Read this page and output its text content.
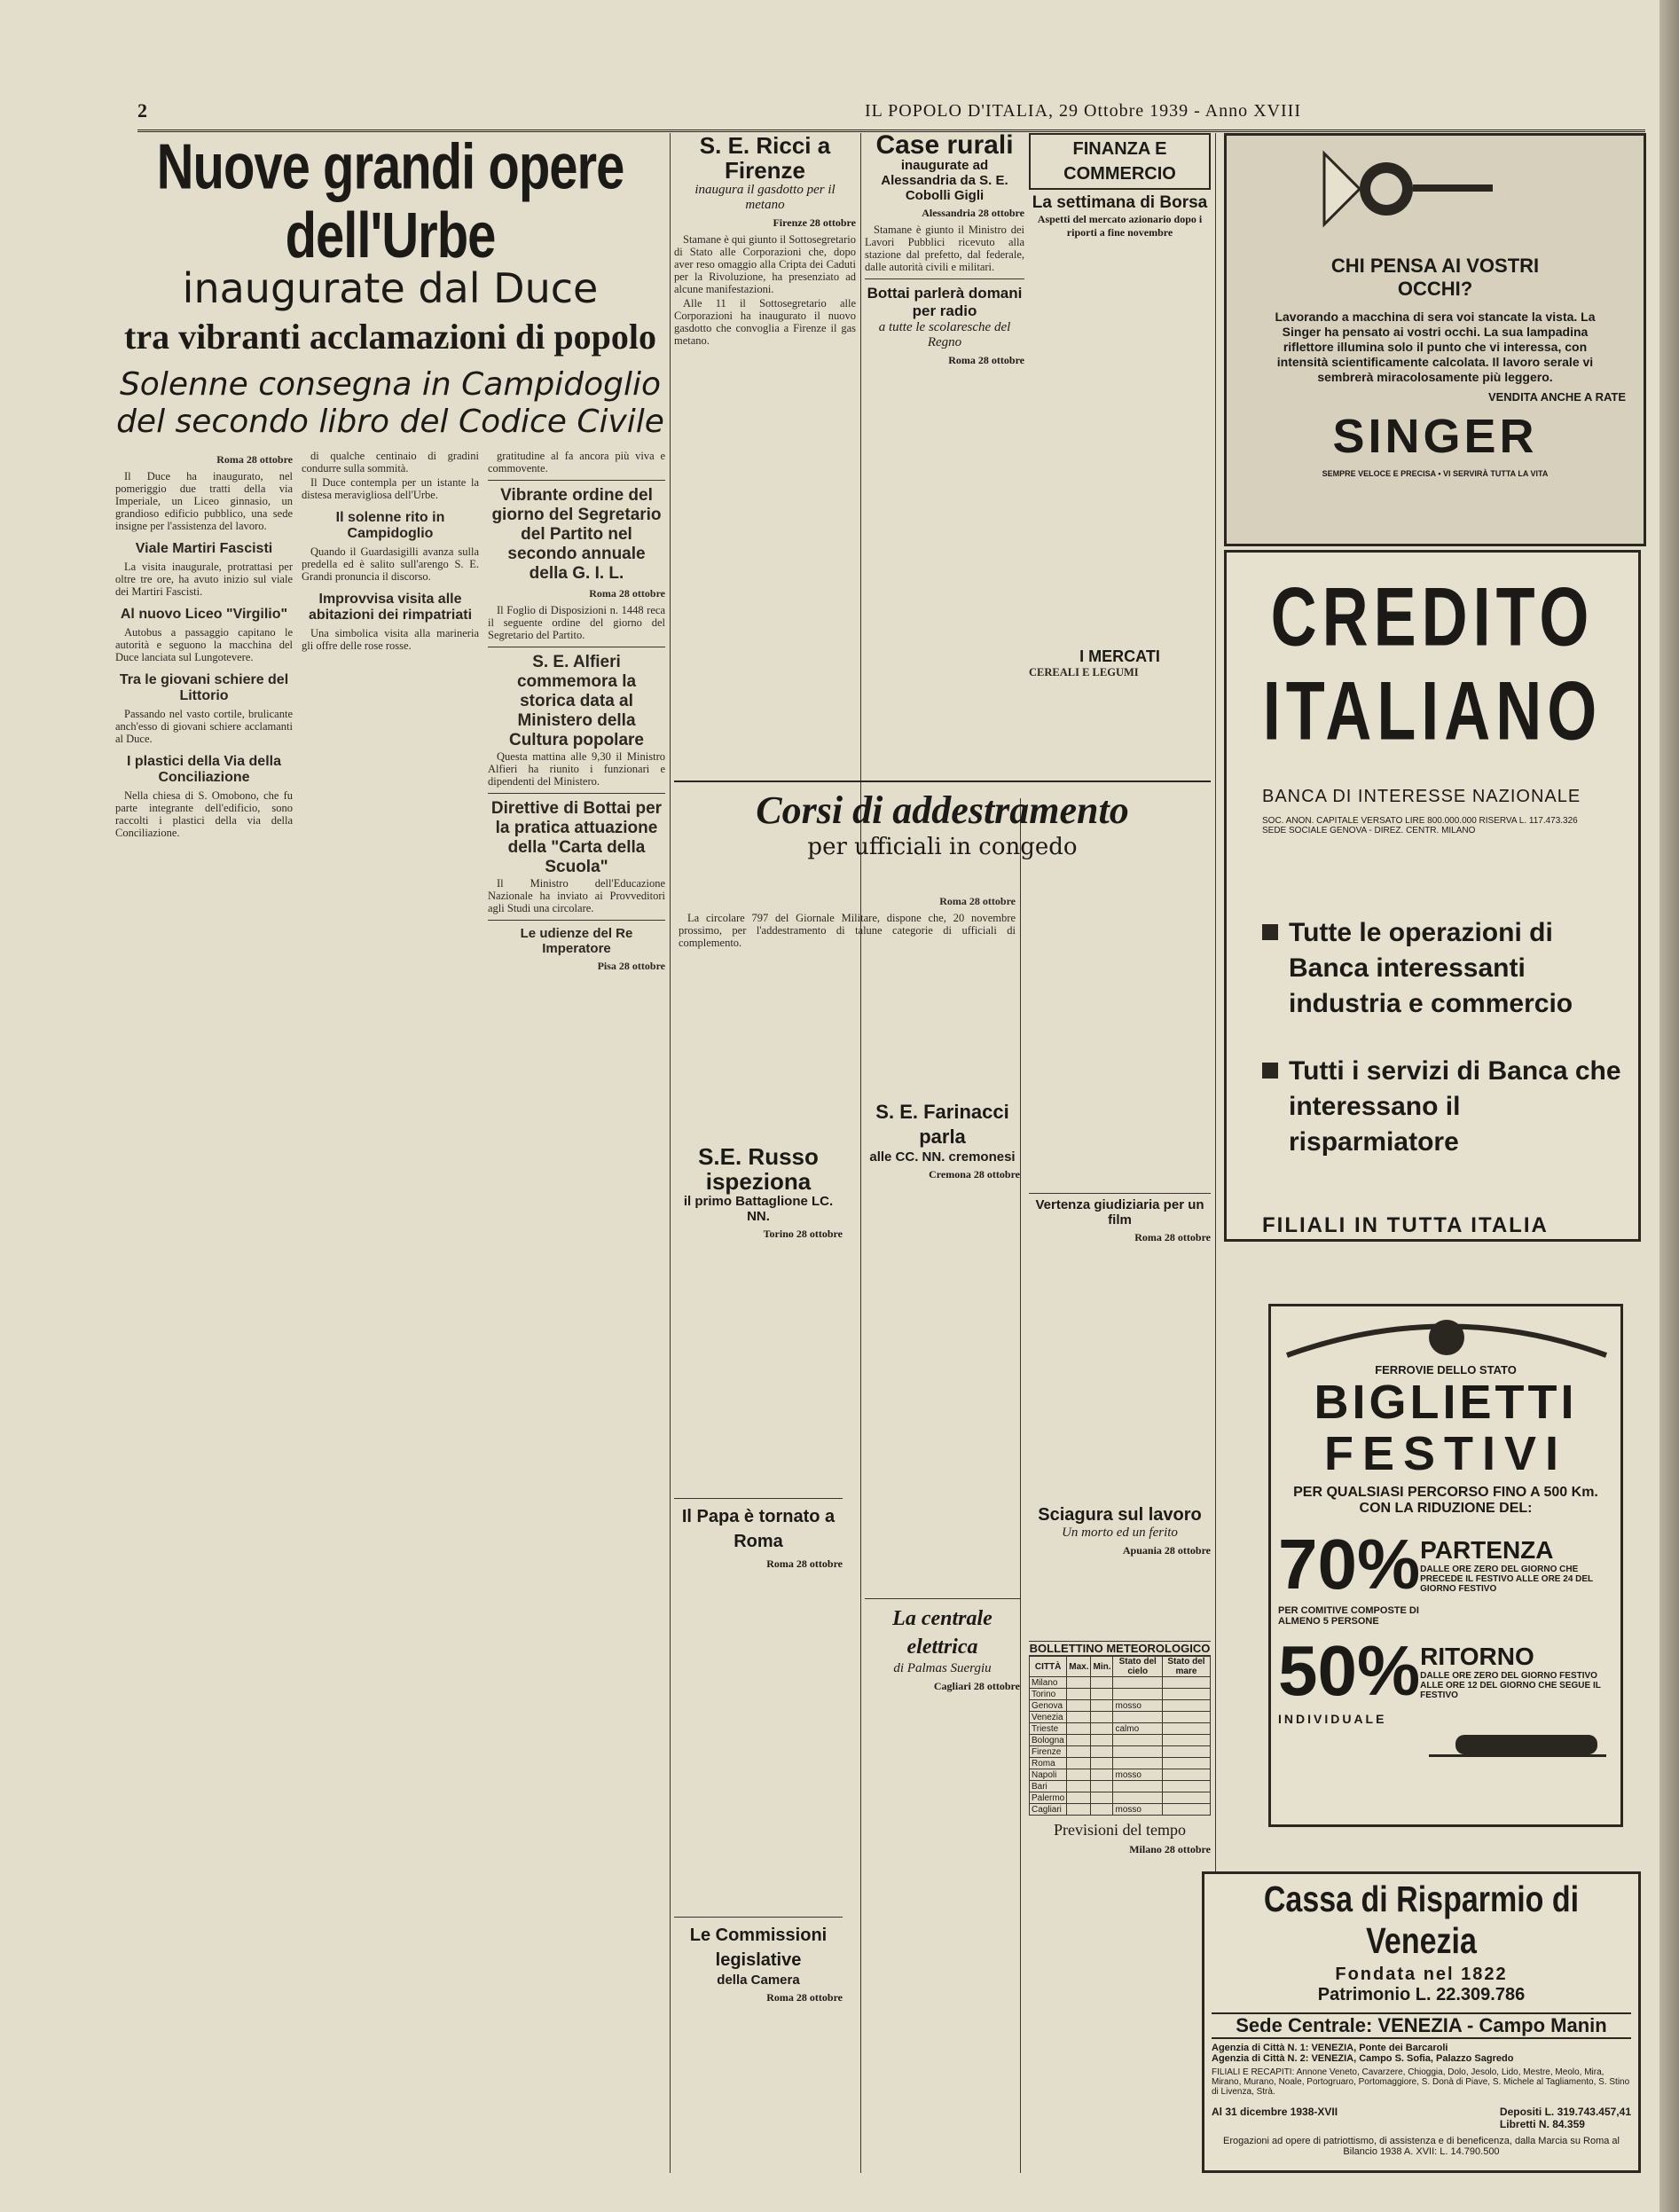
2	IL POPOLO D'ITALIA, 29 Ottobre 1939 - Anno XVIII
Nuove grandi opere dell'Urbe
inaugurate dal Duce
tra vibranti acclamazioni di popolo
Solenne consegna in Campidoglio del secondo libro del Codice Civile
Roma 28 ottobre

Il Duce ha inaugurato, nel pomeriggio due tratti della via Imperiale, un Liceo ginnasio, un grandioso edificio pubblico, una sede insigne per l'assistenza del lavoro.

Viale Martiri Fascisti

La visita inaugurale, protrattasi per oltre tre ore, ha avuto inizio sul viale dei Martiri Fascisti.

Al nuovo Liceo "Virgilio"

Autobus a passaggio capitano le autorità e seguono la macchina del Duce lanciata sul Lungotevere.

Tra le giovani schiere del Littorio

Passando nel vasto cortile, brulicante anch'esso di giovani schiere acclamanti al Duce.

I plastici della Via della Conciliazione

Nella chiesa di S. Omobono, che fu parte integrante dell'edificio, sono raccolti i plastici della via della Conciliazione.

di qualche centinaio di gradini condurre sulla sommità.

Il Duce contempla per un istante la distesa meravigliosa dell'Urbe.

Il solenne rito in Campidoglio

Quando il Guardasigilli avanza sulla predella ed è salito sull'arengo S. E. Grandi pronuncia il discorso.

Improvvisa visita alle abitazioni dei rimpatriati

Una simbolica visita alla marineria gli offre delle rose rosse.

gratitudine al fa ancora più viva e commovente.

Vibrante ordine del giorno del Segretario del Partito nel secondo annuale della G. I. L.
Roma 28 ottobre

Il Foglio di Disposizioni n. 1448 reca il seguente ordine del giorno del Segretario del Partito.

S. E. Alfieri commemora la storica data al Ministero della Cultura popolare

Questa mattina alle 9,30 il Ministro Alfieri ha riunito i funzionari e dipendenti del Ministero.

Direttive di Bottai per la pratica attuazione della "Carta della Scuola"

Il Ministro dell'Educazione Nazionale ha inviato ai Provveditori agli Studi una circolare.

Le udienze del Re Imperatore
Pisa 28 ottobre
S. E. Ricci a Firenze
inaugura il gasdotto per il metano
Firenze 28 ottobre

Stamane è qui giunto il Sottosegretario di Stato alle Corporazioni che, dopo aver reso omaggio alla Cripta dei Caduti per la Rivoluzione, ha presenziato ad alcune manifestazioni.

Alle 11 il Sottosegretario alle Corporazioni ha inaugurato il nuovo gasdotto che convoglia a Firenze il gas metano.

Case rurali
inaugurate ad Alessandria da S. E. Cobolli Gigli
Alessandria 28 ottobre

Stamane è giunto il Ministro dei Lavori Pubblici ricevuto alla stazione dal prefetto, dal federale, dalle autorità civili e militari.

Bottai parlerà domani per radio
a tutte le scolaresche del Regno
Roma 28 ottobre
Corsi di addestramento
per ufficiali in congedo
Roma 28 ottobre

La circolare 797 del Giornale Militare, dispone che, 20 novembre prossimo, per l'addestramento di talune categorie di ufficiali di complemento.

S.E. Russo ispeziona
il primo Battaglione LC. NN.
Torino 28 ottobre
Il Papa è tornato a Roma
Roma 28 ottobre
Le Commissioni legislative
della Camera
Roma 28 ottobre
S. E. Farinacci parla
alle CC. NN. cremonesi
Cremona 28 ottobre
La centrale elettrica
di Palmas Suergiu
Cagliari 28 ottobre
FINANZA E COMMERCIO
La settimana di Borsa
Aspetti del mercato azionario dopo i riporti a fine novembre
I MERCATI
CEREALI E LEGUMI
Vertenza giudiziaria per un film
Roma 28 ottobre
Sciagura sul lavoro
Un morto ed un ferito
Apuania 28 ottobre
BOLLETTINO METEOROLOGICO
CITTÀ	Max.	Min.	Stato del cielo	Stato del mare
Milano				
Torino				
Genova			mosso	
Venezia				
Trieste			calmo	
Bologna				
Firenze				
Roma				
Napoli			mosso	
Bari				
Palermo				
Cagliari			mosso	
Previsioni del tempo
Milano 28 ottobre
CHI PENSA AI VOSTRI OCCHI?
Lavorando a macchina di sera voi stancate la vista. La Singer ha pensato ai vostri occhi. La sua lampadina riflettore illumina solo il punto che vi interessa, con intensità scientificamente calcolata. Il lavoro serale vi sembrerà miracolosamente più leggero.
VENDITA ANCHE A RATE
SINGER
SEMPRE VELOCE E PRECISA • VI SERVIRÀ TUTTA LA VITA
CREDITO
ITALIANO
BANCA DI INTERESSE NAZIONALE
SOC. ANON. CAPITALE VERSATO LIRE 800.000.000 RISERVA L. 117.473.326
SEDE SOCIALE GENOVA - DIREZ. CENTR. MILANO
Tutte le operazioni di Banca interessanti industria e commercio
Tutti i servizi di Banca che interessano il risparmiatore
FILIALI IN TUTTA ITALIA
FERROVIE DELLO STATO
BIGLIETTI
FESTIVI
PER QUALSIASI PERCORSO FINO A 500 Km. CON LA RIDUZIONE DEL:
70% PARTENZA
DALLE ORE ZERO DEL GIORNO CHE PRECEDE IL FESTIVO ALLE ORE 24 DEL GIORNO FESTIVO
PER COMITIVE COMPOSTE DI ALMENO 5 PERSONE
50% RITORNO
DALLE ORE ZERO DEL GIORNO FESTIVO ALLE ORE 12 DEL GIORNO CHE SEGUE IL FESTIVO
INDIVIDUALE
Cassa di Risparmio di Venezia
Fondata nel 1822
Patrimonio L. 22.309.786
Sede Centrale: VENEZIA - Campo Manin
Agenzia di Città N. 1: VENEZIA, Ponte dei Barcaroli
Agenzia di Città N. 2: VENEZIA, Campo S. Sofia, Palazzo Sagredo
FILIALI E RECAPITI: Annone Veneto, Cavarzere, Chioggia, Dolo, Jesolo, Lido, Mestre, Meolo, Mira, Mirano, Murano, Noale, Portogruaro, Portomaggiore, S. Donà di Piave, S. Michele al Tagliamento, S. Stino di Livenza, Strà.
Al 31 dicembre 1938-XVII	Depositi L. 319.743.457,41
Libretti N. 84.359
Erogazioni ad opere di patriottismo, di assistenza e di beneficenza, dalla Marcia su Roma al Bilancio 1938 A. XVII: L. 14.790.500
